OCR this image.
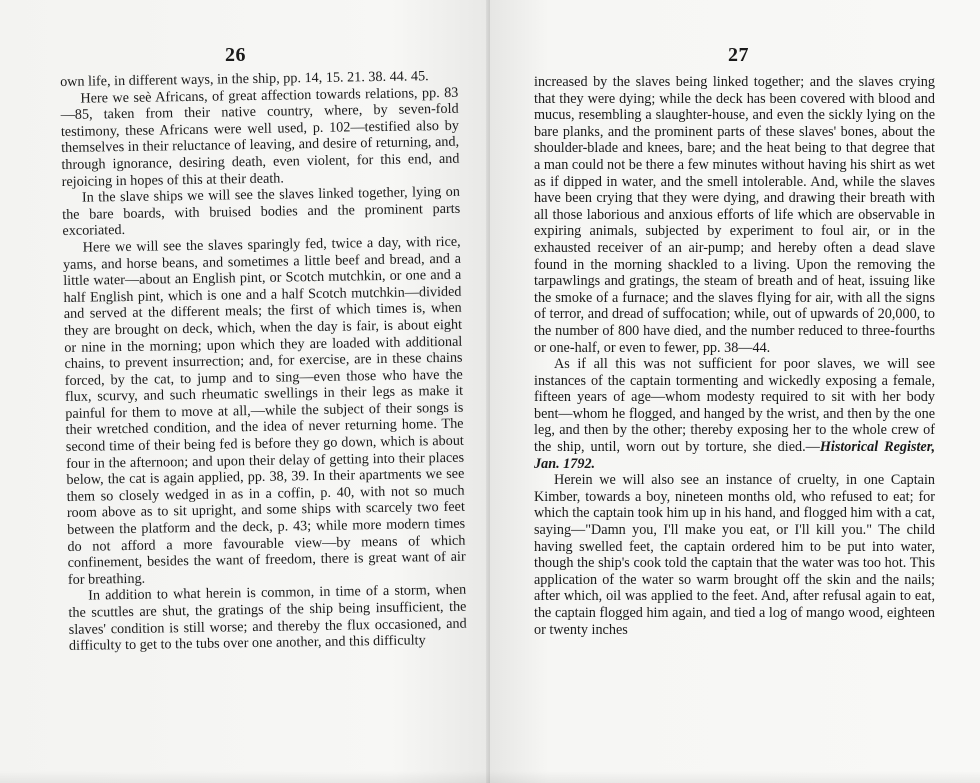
26

own life, in different ways, in the ship, pp. 14, 15. 21. 38. 44. 45.

Here we seè Africans, of great affection towards relations, pp. 83—85, taken from their native country, where, by seven-fold testimony, these Africans were well used, p. 102—testified also by themselves in their reluctance of leaving, and desire of returning, and, through ignorance, desiring death, even violent, for this end, and rejoicing in hopes of this at their death.

In the slave ships we will see the slaves linked together, lying on the bare boards, with bruised bodies and the prominent parts excoriated.

Here we will see the slaves sparingly fed, twice a day, with rice, yams, and horse beans, and sometimes a little beef and bread, and a little water—about an English pint, or Scotch mutchkin, or one and a half English pint, which is one and a half Scotch mutchkin—divided and served at the different meals; the first of which times is, when they are brought on deck, which, when the day is fair, is about eight or nine in the morning; upon which they are loaded with additional chains, to prevent insurrection; and, for exercise, are in these chains forced, by the cat, to jump and to sing—even those who have the flux, scurvy, and such rheumatic swellings in their legs as make it painful for them to move at all,—while the subject of their songs is their wretched condition, and the idea of never returning home. The second time of their being fed is before they go down, which is about four in the afternoon; and upon their delay of getting into their places below, the cat is again applied, pp. 38, 39. In their apartments we see them so closely wedged in as in a coffin, p. 40, with not so much room above as to sit upright, and some ships with scarcely two feet between the platform and the deck, p. 43; while more modern times do not afford a more favourable view—by means of which confinement, besides the want of freedom, there is great want of air for breathing.

In addition to what herein is common, in time of a storm, when the scuttles are shut, the gratings of the ship being insufficient, the slaves' condition is still worse; and thereby the flux occasioned, and difficulty to get to the tubs over one another, and this difficulty

27

increased by the slaves being linked together; and the slaves crying that they were dying; while the deck has been covered with blood and mucus, resembling a slaughter-house, and even the sickly lying on the bare planks, and the prominent parts of these slaves' bones, about the shoulder-blade and knees, bare; and the heat being to that degree that a man could not be there a few minutes without having his shirt as wet as if dipped in water, and the smell intolerable. And, while the slaves have been crying that they were dying, and drawing their breath with all those laborious and anxious efforts of life which are observable in expiring animals, subjected by experiment to foul air, or in the exhausted receiver of an air-pump; and hereby often a dead slave found in the morning shackled to a living. Upon the removing the tarpawlings and gratings, the steam of breath and of heat, issuing like the smoke of a furnace; and the slaves flying for air, with all the signs of terror, and dread of suffocation; while, out of upwards of 20,000, to the number of 800 have died, and the number reduced to three-fourths or one-half, or even to fewer, pp. 38—44.

As if all this was not sufficient for poor slaves, we will see instances of the captain tormenting and wickedly exposing a female, fifteen years of age—whom modesty required to sit with her body bent—whom he flogged, and hanged by the wrist, and then by the one leg, and then by the other; thereby exposing her to the whole crew of the ship, until, worn out by torture, she died.—Historical Register, Jan. 1792.

Herein we will also see an instance of cruelty, in one Captain Kimber, towards a boy, nineteen months old, who refused to eat; for which the captain took him up in his hand, and flogged him with a cat, saying—"Damn you, I'll make you eat, or I'll kill you." The child having swelled feet, the captain ordered him to be put into water, though the ship's cook told the captain that the water was too hot. This application of the water so warm brought off the skin and the nails; after which, oil was applied to the feet. And, after refusal again to eat, the captain flogged him again, and tied a log of mango wood, eighteen or twenty inches
